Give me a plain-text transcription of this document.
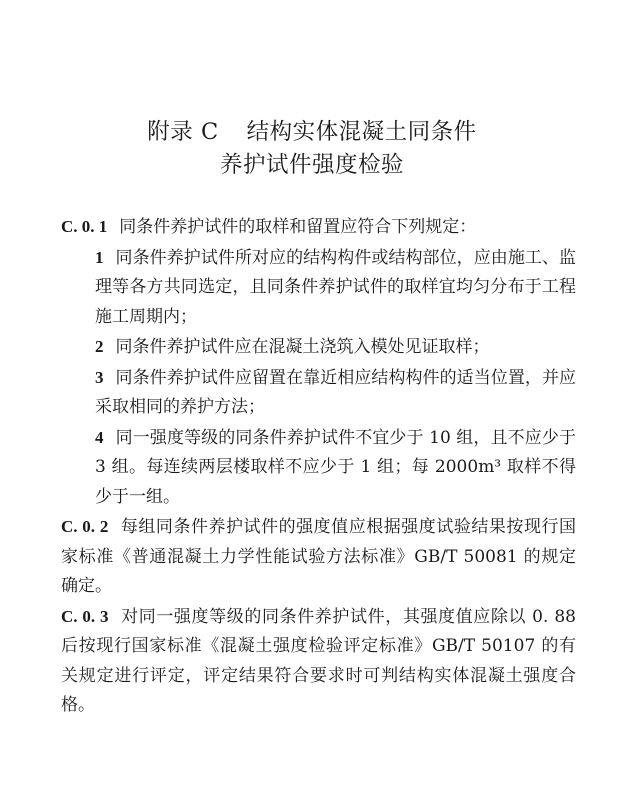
附录 C 结构实体混凝土同条件
养护试件强度检验

C. 0. 1 同条件养护试件的取样和留置应符合下列规定：

1 同条件养护试件所对应的结构构件或结构部位，应由施工、监理等各方共同选定，且同条件养护试件的取样宜均匀分布于工程施工周期内；

2 同条件养护试件应在混凝土浇筑入模处见证取样；

3 同条件养护试件应留置在靠近相应结构构件的适当位置，并应采取相同的养护方法；

4 同一强度等级的同条件养护试件不宜少于 10 组，且不应少于 3 组。每连续两层楼取样不应少于 1 组；每 2000m³ 取样不得少于一组。

C. 0. 2 每组同条件养护试件的强度值应根据强度试验结果按现行国家标准《普通混凝土力学性能试验方法标准》GB/T 50081 的规定确定。

C. 0. 3 对同一强度等级的同条件养护试件，其强度值应除以 0. 88 后按现行国家标准《混凝土强度检验评定标准》GB/T 50107 的有关规定进行评定，评定结果符合要求时可判结构实体混凝土强度合格。
